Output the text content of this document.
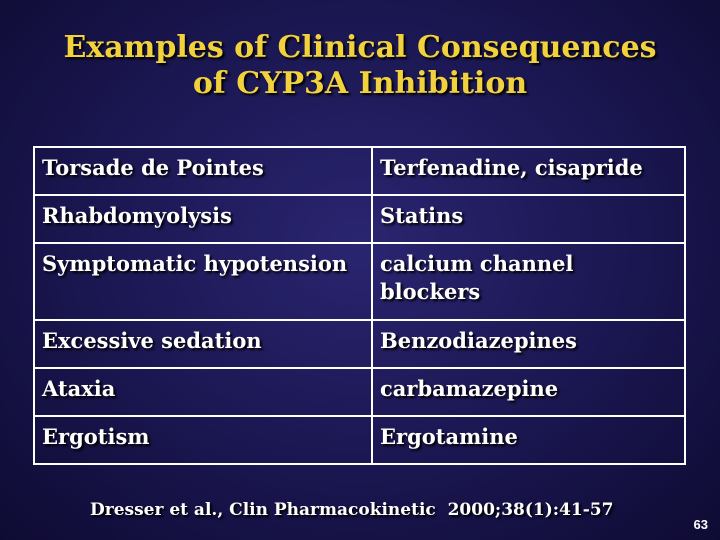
Examples of Clinical Consequences
of CYP3A Inhibition
Torsade de Pointes	Terfenadine, cisapride
Rhabdomyolysis	Statins
Symptomatic hypotension	calcium channel blockers
Excessive sedation	Benzodiazepines
Ataxia	carbamazepine
Ergotism	Ergotamine
Dresser et al., Clin Pharmacokinetic  2000;38(1):41-57
63
